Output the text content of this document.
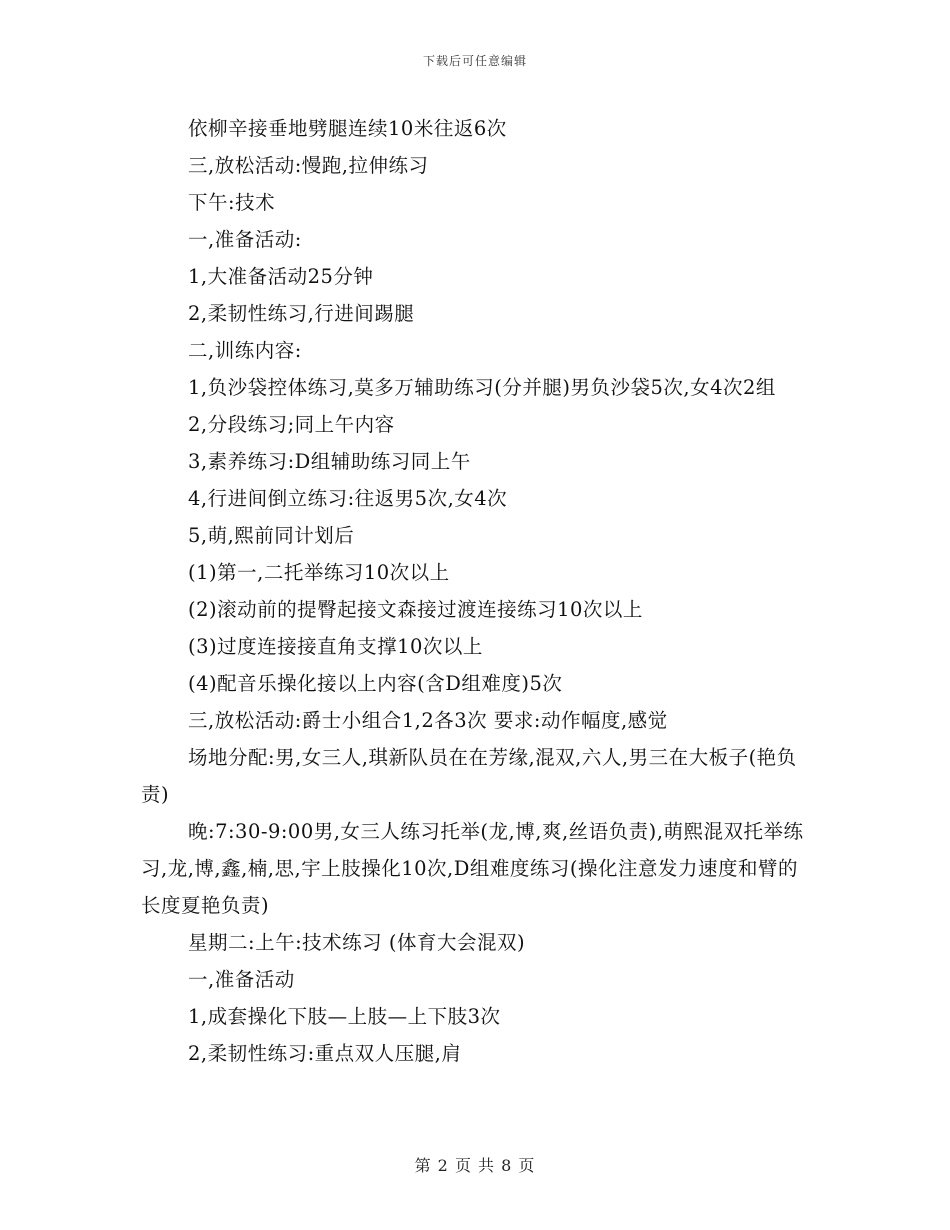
下载后可任意编辑

依柳辛接垂地劈腿连续10米往返6次

三,放松活动:慢跑,拉伸练习

下午:技术

一,准备活动:

1,大准备活动25分钟

2,柔韧性练习,行进间踢腿

二,训练内容:

1,负沙袋控体练习,莫多万辅助练习(分并腿)男负沙袋5次,女4次2组

2,分段练习;同上午内容

3,素养练习:D组辅助练习同上午

4,行进间倒立练习:往返男5次,女4次

5,萌,熙前同计划后

(1)第一,二托举练习10次以上

(2)滚动前的提臀起接文森接过渡连接练习10次以上

(3)过度连接接直角支撑10次以上

(4)配音乐操化接以上内容(含D组难度)5次

三,放松活动:爵士小组合1,2各3次 要求:动作幅度,感觉

场地分配:男,女三人,琪新队员在在芳缘,混双,六人,男三在大板子(艳负责)

晚:7:30-9:00男,女三人练习托举(龙,博,爽,丝语负责),萌熙混双托举练习,龙,博,鑫,楠,思,宇上肢操化10次,D组难度练习(操化注意发力速度和臂的长度夏艳负责)

星期二:上午:技术练习 (体育大会混双)

一,准备活动

1,成套操化下肢—上肢—上下肢3次

2,柔韧性练习:重点双人压腿,肩

第 2 页 共 8 页
